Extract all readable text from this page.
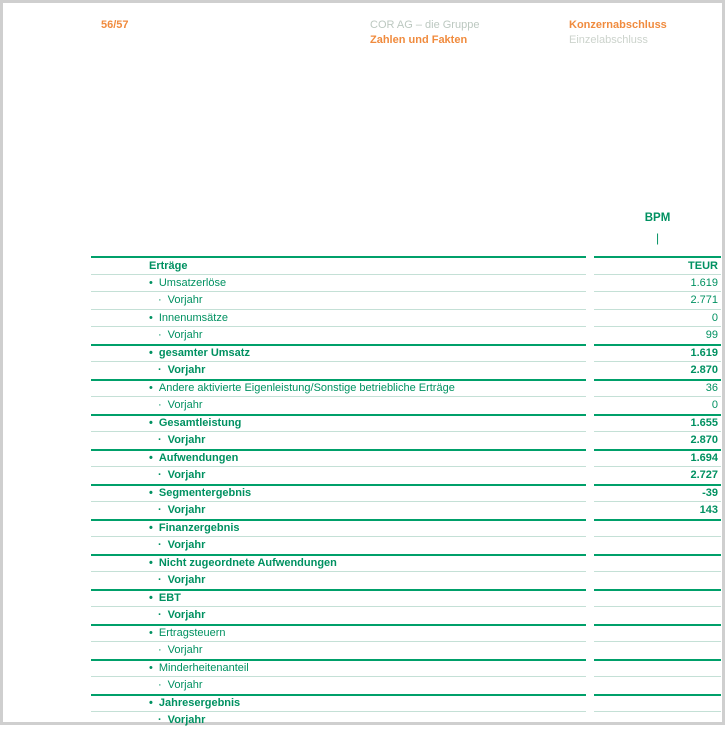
56/57	COR AG – die Gruppe
Zahlen und Fakten
Konzernabschluss
Einzelabschluss
BPM
|
Erträge	TEUR
• Umsatzerlöse	1.619
· Vorjahr	2.771
• Innenumsätze	0
· Vorjahr	99
• gesamter Umsatz	1.619
· Vorjahr	2.870
• Andere aktivierte Eigenleistung/Sonstige betriebliche Erträge	36
· Vorjahr	0
• Gesamtleistung	1.655
· Vorjahr	2.870
• Aufwendungen	1.694
· Vorjahr	2.727
• Segmentergebnis	-39
· Vorjahr	143
• Finanzergebnis
· Vorjahr
• Nicht zugeordnete Aufwendungen
· Vorjahr
• EBT
· Vorjahr
• Ertragsteuern
· Vorjahr
• Minderheitenanteil
· Vorjahr
• Jahresergebnis
· Vorjahr
